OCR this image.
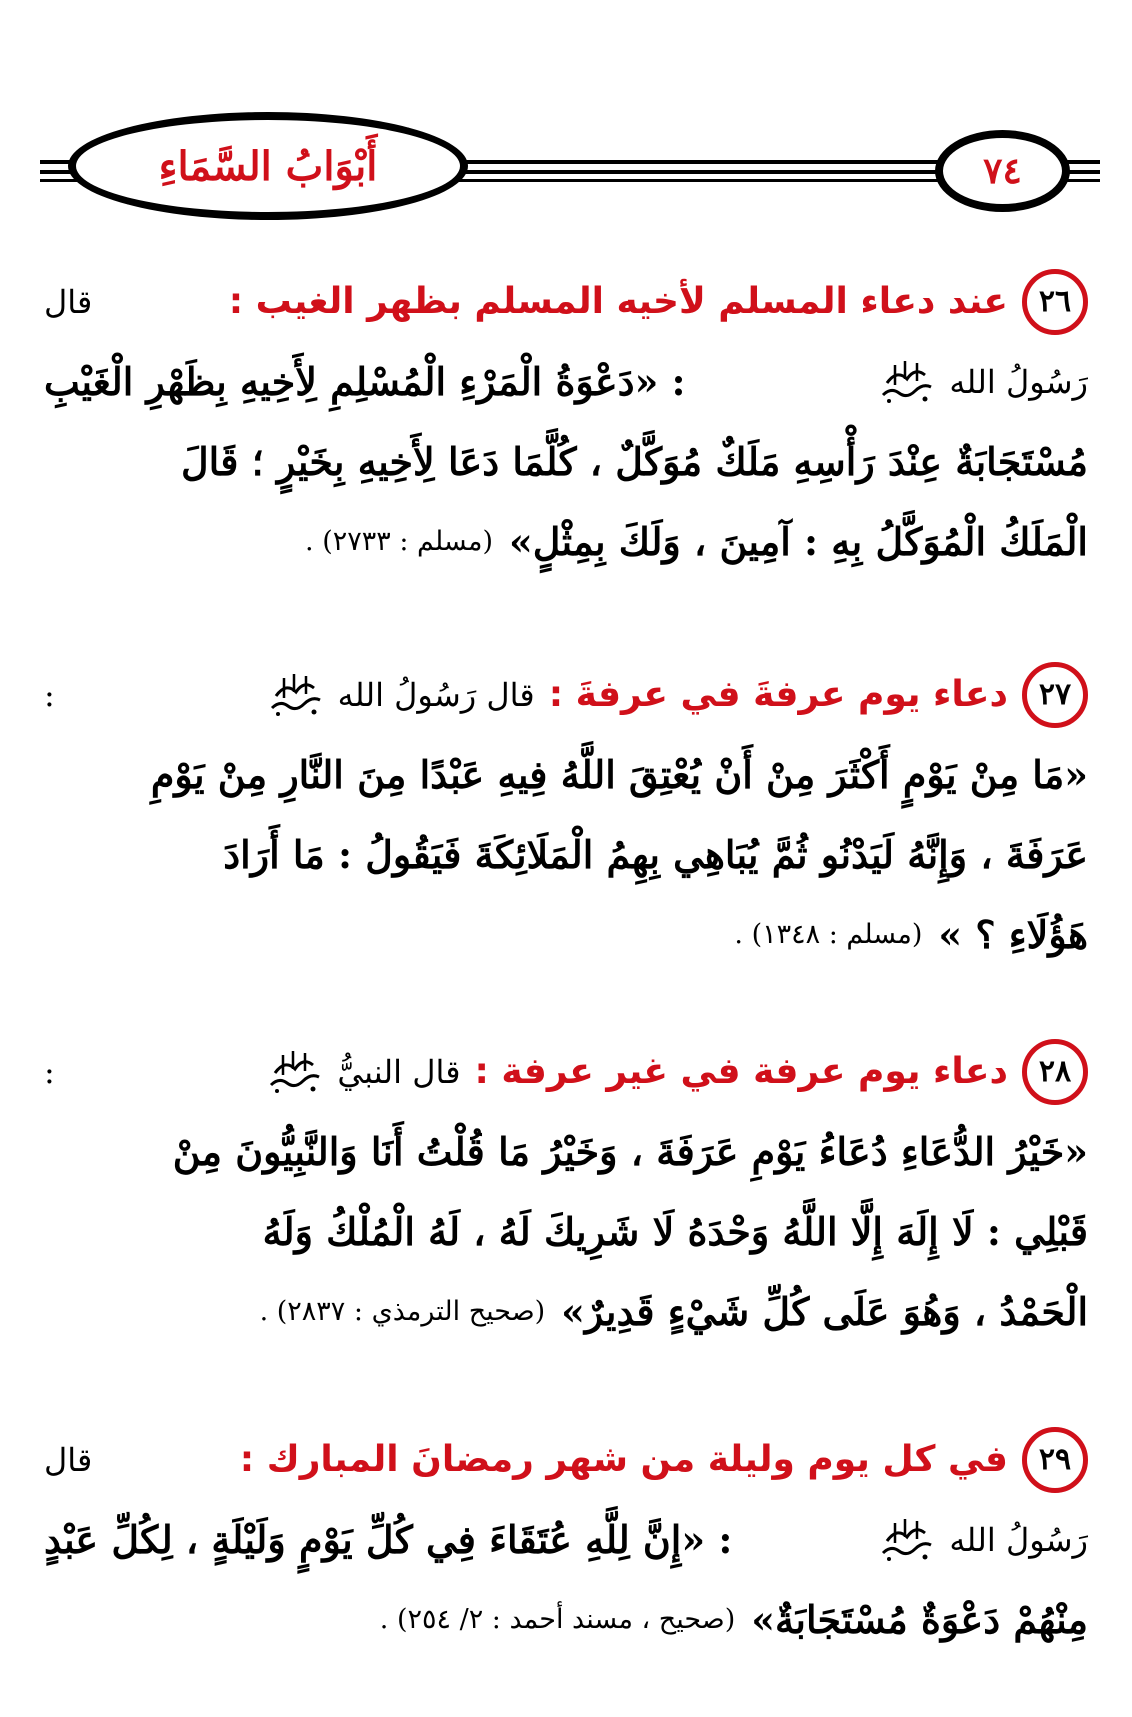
أَبْوَابُ السَّمَاءِ	٧٤
٢٦
عند دعاء المسلم لأخيه المسلم بظهر الغيب :
قال
رَسُولُ الله
: «دَعْوَةُ الْمَرْءِ الْمُسْلِمِ لِأَخِيهِ بِظَهْرِ الْغَيْبِ
مُسْتَجَابَةٌ عِنْدَ رَأْسِهِ مَلَكٌ مُوَكَّلٌ ، كُلَّمَا دَعَا لِأَخِيهِ بِخَيْرٍ ؛ قَالَ
الْمَلَكُ الْمُوَكَّلُ بِهِ : آمِينَ ، وَلَكَ بِمِثْلٍ»
(مسلم : ٢٧٣٣) .
٢٧
دعاء يوم عرفةَ في عرفةَ :
قال رَسُولُ الله
:
«مَا مِنْ يَوْمٍ أَكْثَرَ مِنْ أَنْ يُعْتِقَ اللَّهُ فِيهِ عَبْدًا مِنَ النَّارِ مِنْ يَوْمِ
عَرَفَةَ ، وَإِنَّهُ لَيَدْنُو ثُمَّ يُبَاهِي بِهِمُ الْمَلَائِكَةَ فَيَقُولُ : مَا أَرَادَ
هَؤُلَاءِ ؟ »
(مسلم : ١٣٤٨) .
٢٨
دعاء يوم عرفة في غير عرفة :
قال النبيُّ
:
«خَيْرُ الدُّعَاءِ دُعَاءُ يَوْمِ عَرَفَةَ ، وَخَيْرُ مَا قُلْتُ أَنَا وَالنَّبِيُّونَ مِنْ
قَبْلِي : لَا إِلَهَ إِلَّا اللَّهُ وَحْدَهُ لَا شَرِيكَ لَهُ ، لَهُ الْمُلْكُ وَلَهُ
الْحَمْدُ ، وَهُوَ عَلَى كُلِّ شَيْءٍ قَدِيرٌ»
(صحيح الترمذي : ٢٨٣٧) .
٢٩
في كل يوم وليلة من شهر رمضانَ المبارك :
قال
رَسُولُ الله
: «إِنَّ لِلَّهِ عُتَقَاءَ فِي كُلِّ يَوْمٍ وَلَيْلَةٍ ، لِكُلِّ عَبْدٍ
مِنْهُمْ دَعْوَةٌ مُسْتَجَابَةٌ»
(صحيح ، مسند أحمد : ٢/ ٢٥٤) .
